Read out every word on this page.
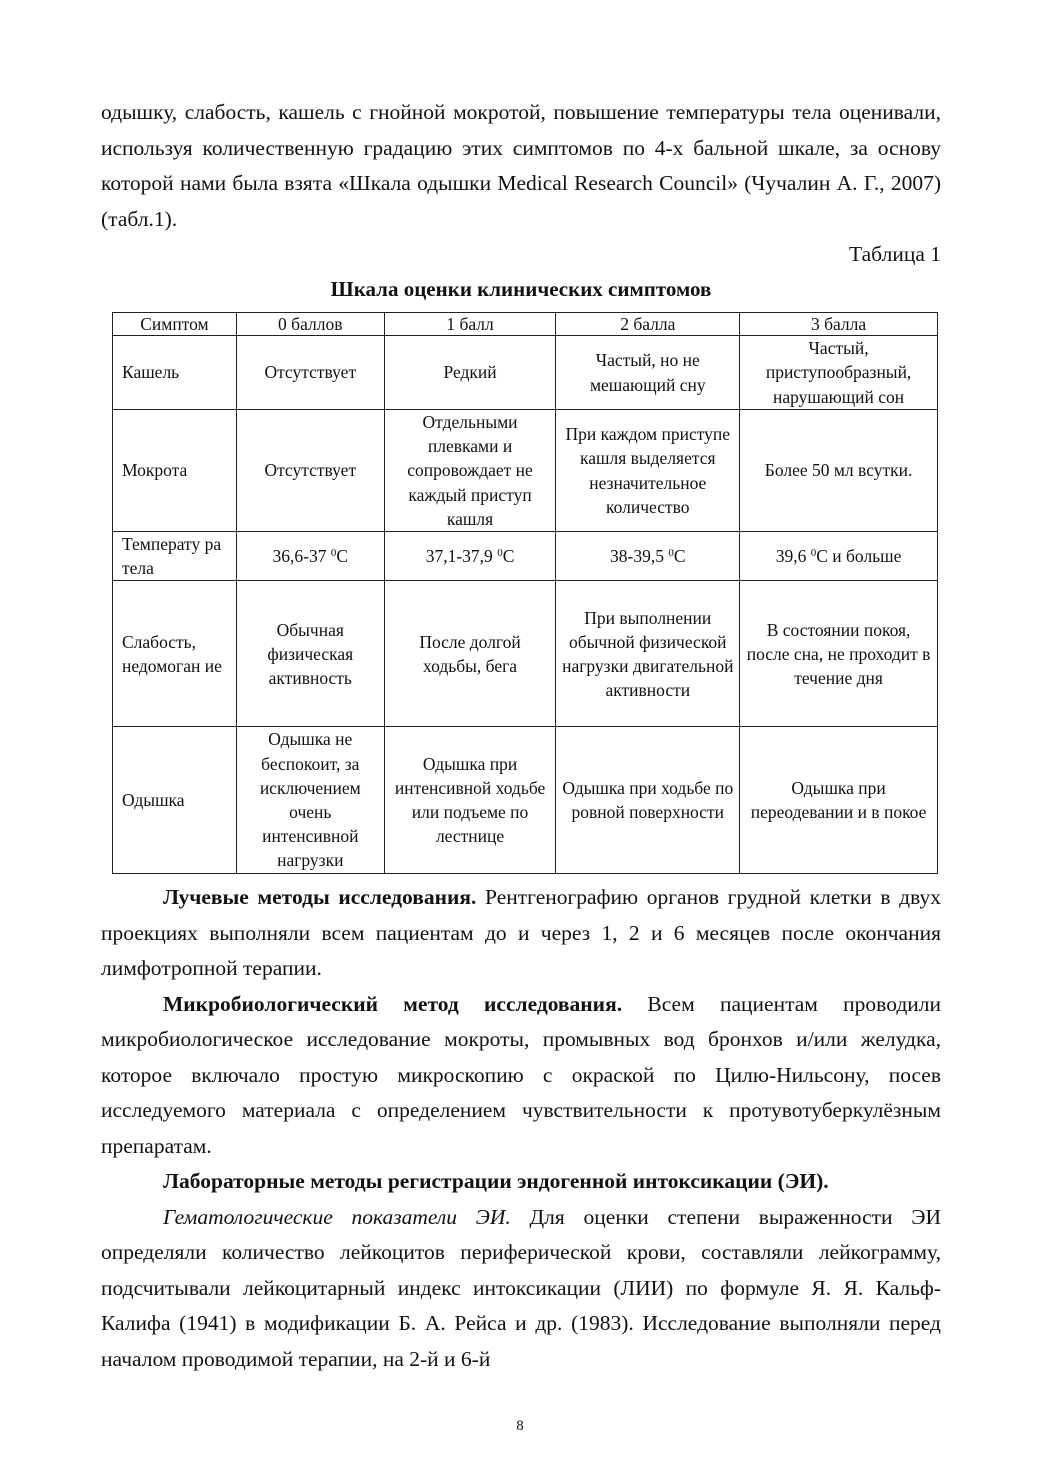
одышку, слабость, кашель с гнойной мокротой, повышение температуры тела оценивали, используя количественную градацию этих симптомов по 4-х бальной шкале, за основу которой нами была взята «Шкала одышки Medical Research Council» (Чучалин А. Г., 2007) (табл.1).

Таблица 1

Шкала оценки клинических симптомов

Симптом	0 баллов	1 балл	2 балла	3 балла
Кашель	Отсутствует	Редкий	Частый, но не мешающий сну	Частый, приступообразный, нарушающий сон
Мокрота	Отсутствует	Отдельными плевками и сопровождает не каждый приступ кашля	При каждом приступе кашля выделяется незначительное количество	Более 50 мл всутки.
Температу ра тела	36,6-37 $^0$С	37,1-37,9 $^0$С	38-39,5 $^0$С	39,6 $^0$С и больше
Слабость, недомоган ие	Обычная физическая активность	После долгой ходьбы, бега	При выполнении обычной физической нагрузки двигательной активности	В состоянии покоя, после сна, не проходит в течение дня
Одышка	Одышка не беспокоит, за исключением очень интенсивной нагрузки	Одышка при интенсивной ходьбе или подъеме по лестнице	Одышка при ходьбе по ровной поверхности	Одышка при переодевании и в покое

Лучевые методы исследования. Рентгенографию органов грудной клетки в двух проекциях выполняли всем пациентам до и через 1, 2 и 6 месяцев после окончания лимфотропной терапии.

Микробиологический метод исследования. Всем пациентам проводили микробиологическое исследование мокроты, промывных вод бронхов и/или желудка, которое включало простую микроскопию с окраской по Цилю-Нильсону, посев исследуемого материала с определением чувствительности к протувотуберкулёзным препаратам.

Лабораторные методы регистрации эндогенной интоксикации (ЭИ).

Гематологические показатели ЭИ. Для оценки степени выраженности ЭИ определяли количество лейкоцитов периферической крови, составляли лейкограмму, подсчитывали лейкоцитарный индекс интоксикации (ЛИИ) по формуле Я. Я. Кальф-Калифа (1941) в модификации Б. А. Рейса и др. (1983). Исследование выполняли перед началом проводимой терапии, на 2-й и 6-й

8
